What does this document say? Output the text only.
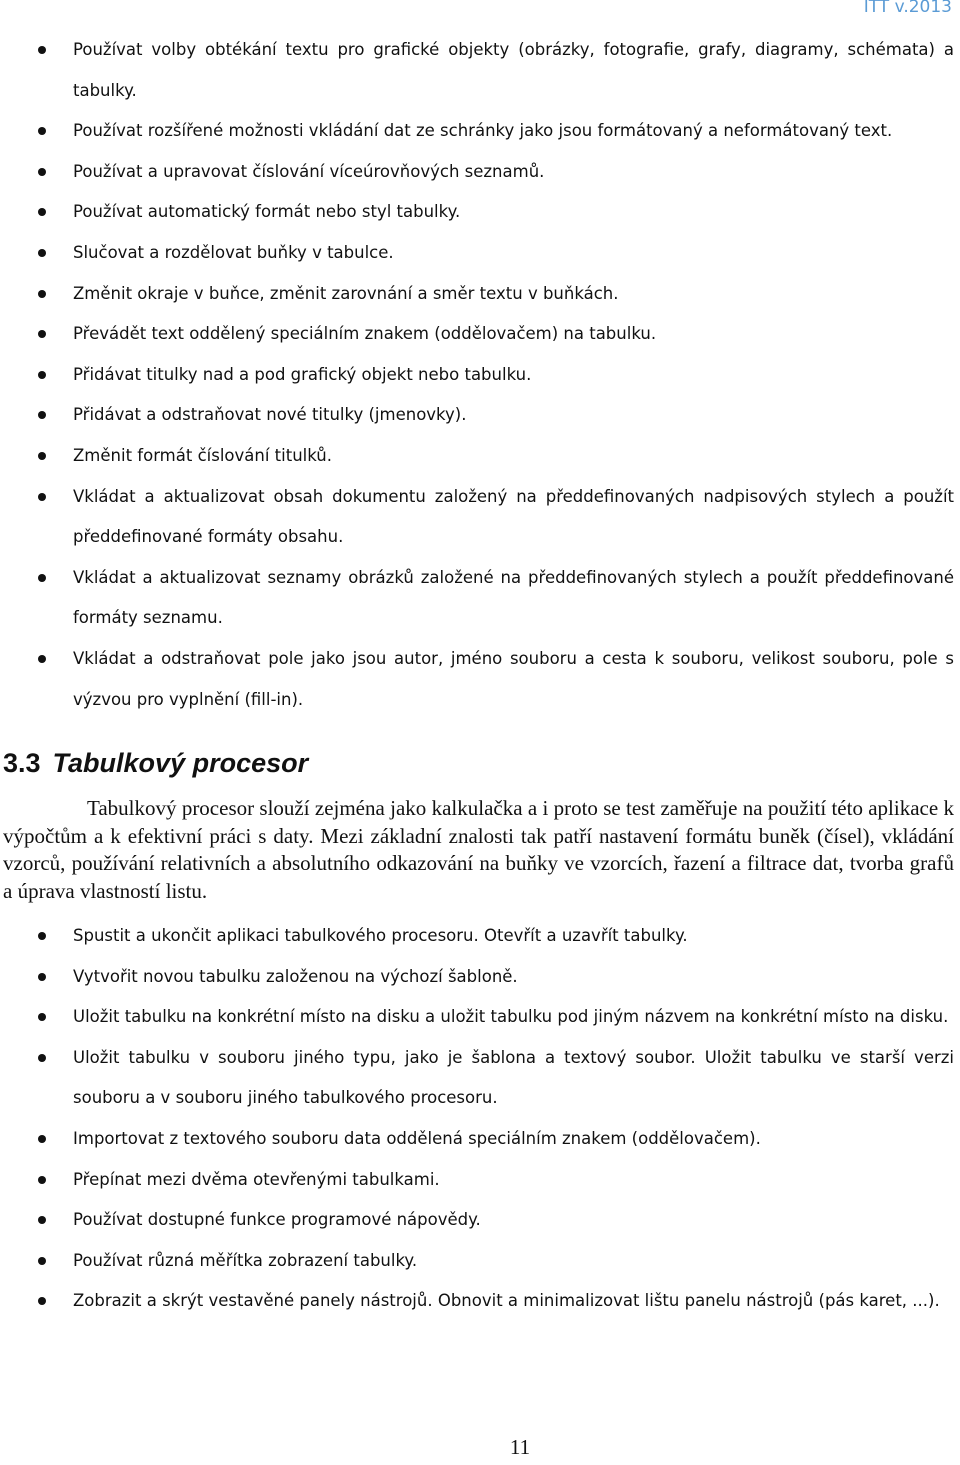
ITT v.2013
Používat volby obtékání textu pro grafické objekty (obrázky, fotografie, grafy, diagramy, schémata) a tabulky.
Používat rozšířené možnosti vkládání dat ze schránky jako jsou formátovaný a neformátovaný text.
Používat a upravovat číslování víceúrovňových seznamů.
Používat automatický formát nebo styl tabulky.
Slučovat a rozdělovat buňky v tabulce.
Změnit okraje v buňce, změnit zarovnání a směr textu v buňkách.
Převádět text oddělený speciálním znakem (oddělovačem) na tabulku.
Přidávat titulky nad a pod grafický objekt nebo tabulku.
Přidávat a odstraňovat nové titulky (jmenovky).
Změnit formát číslování titulků.
Vkládat a aktualizovat obsah dokumentu založený na předdefinovaných nadpisových stylech a použít předdefinované formáty obsahu.
Vkládat a aktualizovat seznamy obrázků založené na předdefinovaných stylech a použít předdefinované formáty seznamu.
Vkládat a odstraňovat pole jako jsou autor, jméno souboru a cesta k souboru, velikost souboru, pole s výzvou pro vyplnění (fill-in).
3.3 Tabulkový procesor

Tabulkový procesor slouží zejména jako kalkulačka a i proto se test zaměřuje na použití této aplikace k výpočtům a k efektivní práci s daty. Mezi základní znalosti tak patří nastavení formátu buněk (čísel), vkládání vzorců, používání relativních a absolutního odkazování na buňky ve vzorcích, řazení a filtrace dat, tvorba grafů a úprava vlastností listu.

Spustit a ukončit aplikaci tabulkového procesoru. Otevřít a uzavřít tabulky.
Vytvořit novou tabulku založenou na výchozí šabloně.
Uložit tabulku na konkrétní místo na disku a uložit tabulku pod jiným názvem na konkrétní místo na disku.
Uložit tabulku v souboru jiného typu, jako je šablona a textový soubor. Uložit tabulku ve starší verzi souboru a v souboru jiného tabulkového procesoru.
Importovat z textového souboru data oddělená speciálním znakem (oddělovačem).
Přepínat mezi dvěma otevřenými tabulkami.
Používat dostupné funkce programové nápovědy.
Používat různá měřítka zobrazení tabulky.
Zobrazit a skrýt vestavěné panely nástrojů. Obnovit a minimalizovat lištu panelu nástrojů (pás karet, ...).
11
